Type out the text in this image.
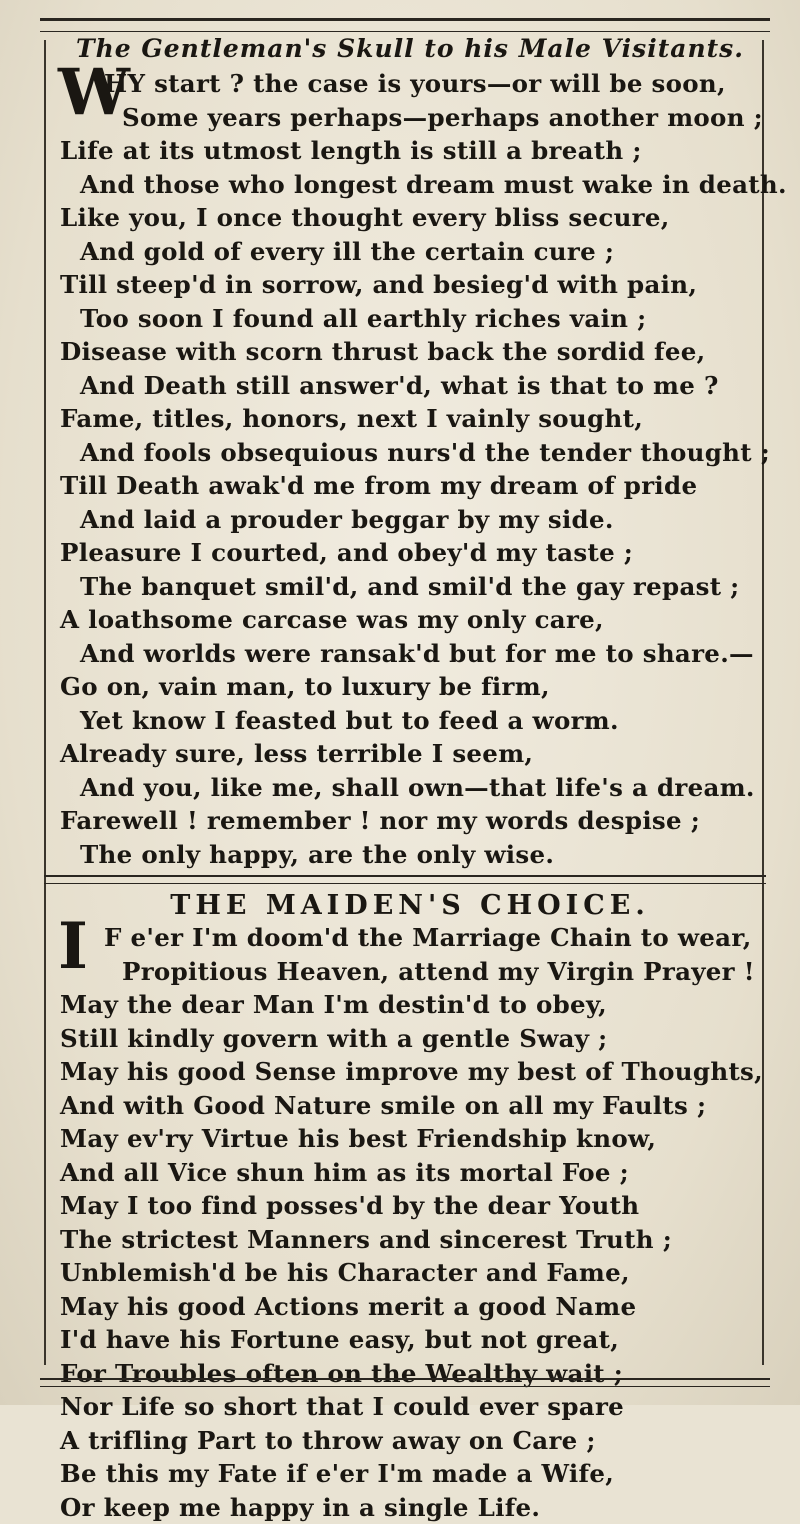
The Gentleman's Skull to his Male Visitants.
W
HY start ? the case is yours—or will be soon,
Some years perhaps—perhaps another moon ;
Life at its utmost length is still a breath ;
And those who longest dream must wake in death.
Like you, I once thought every bliss secure,
And gold of every ill the certain cure ;
Till steep'd in sorrow, and besieg'd with pain,
Too soon I found all earthly riches vain ;
Disease with scorn thrust back the sordid fee,
And Death still answer'd, what is that to me ?
Fame, titles, honors, next I vainly sought,
And fools obsequious nurs'd the tender thought ;
Till Death awak'd me from my dream of pride
And laid a prouder beggar by my side.
Pleasure I courted, and obey'd my taste ;
The banquet smil'd, and smil'd the gay repast ;
A loathsome carcase was my only care,
And worlds were ransak'd but for me to share.—
Go on, vain man, to luxury be firm,
Yet know I feasted but to feed a worm.
Already sure, less terrible I seem,
And you, like me, shall own—that life's a dream.
Farewell ! remember ! nor my words despise ;
The only happy, are the only wise.
THE MAIDEN'S CHOICE.
I F e'er I'm doom'd the Marriage Chain to wear,
Propitious Heaven, attend my Virgin Prayer !
May the dear Man I'm destin'd to obey,
Still kindly govern with a gentle Sway ;
May his good Sense improve my best of Thoughts,
And with Good Nature smile on all my Faults ;
May ev'ry Virtue his best Friendship know,
And all Vice shun him as its mortal Foe ;
May I too find posses'd by the dear Youth
The strictest Manners and sincerest Truth ;
Unblemish'd be his Character and Fame,
May his good Actions merit a good Name
I'd have his Fortune easy, but not great,
For Troubles often on the Wealthy wait ;
Nor Life so short that I could ever spare
A trifling Part to throw away on Care ;
Be this my Fate if e'er I'm made a Wife,
Or keep me happy in a single Life.
